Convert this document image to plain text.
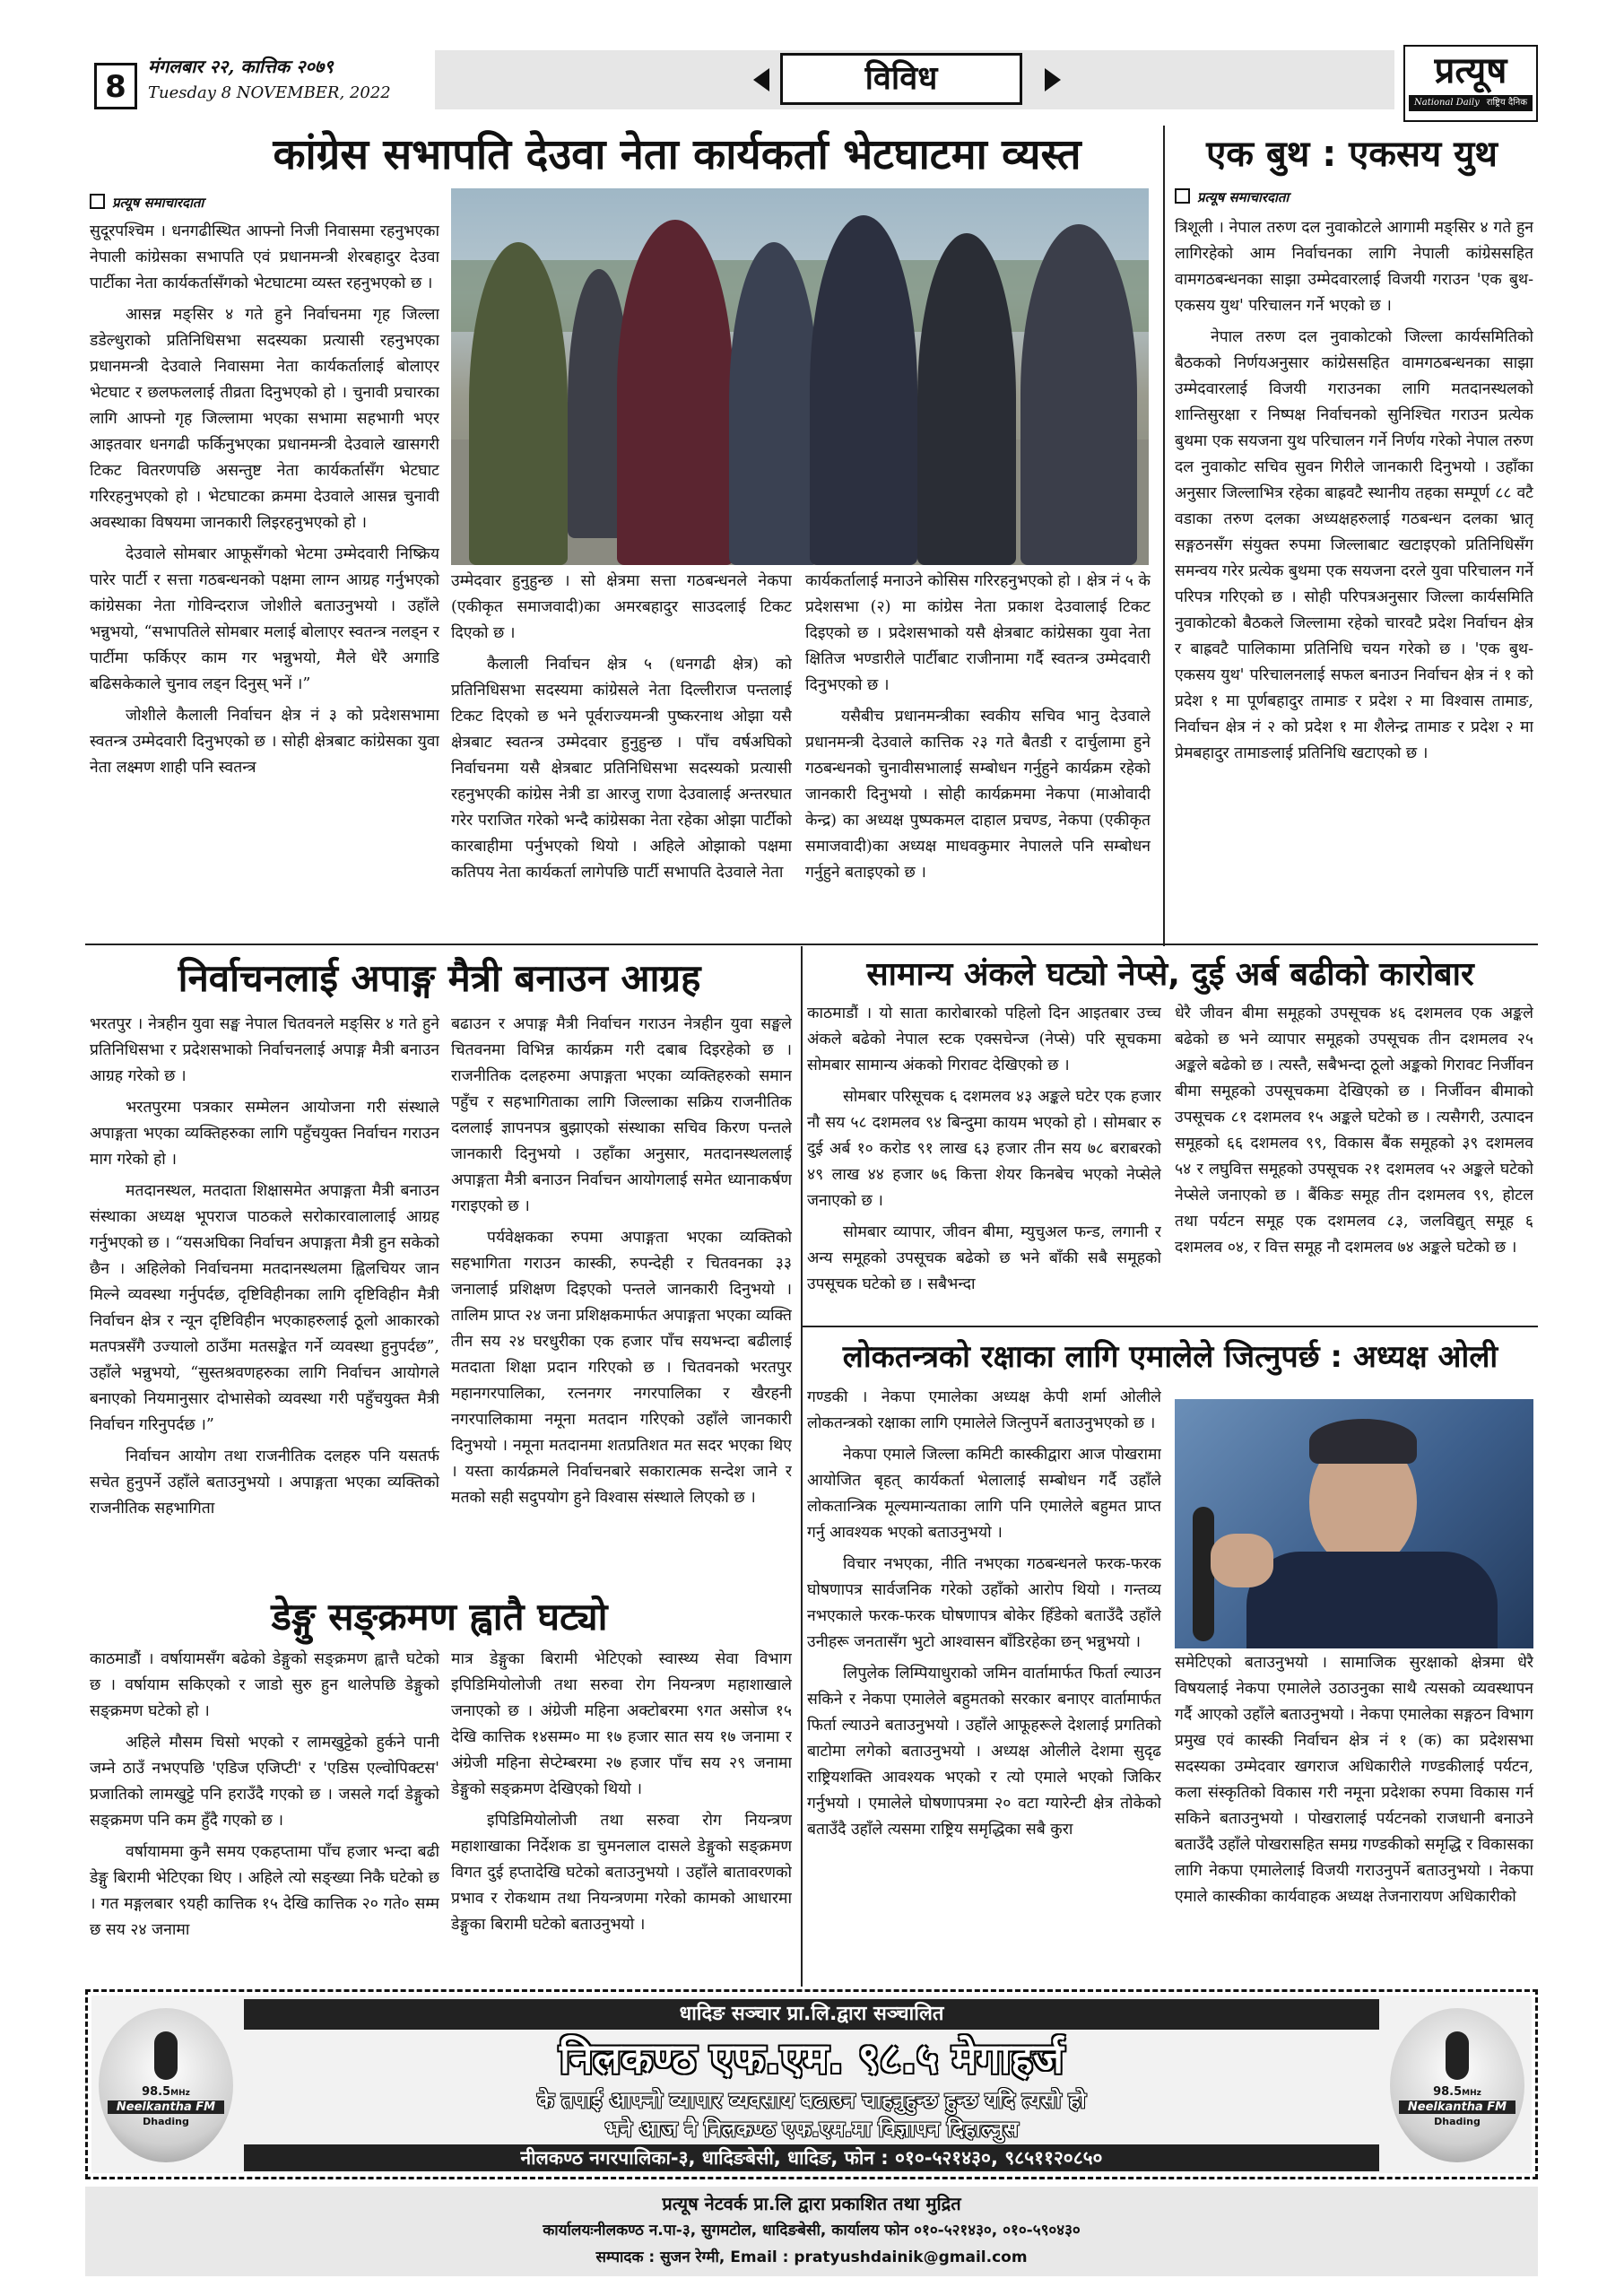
8
मंगलबार २२, कात्तिक २०७९
Tuesday 8 NOVEMBER, 2022	विविध	प्रत्यूष
National Daily राष्ट्रिय दैनिक
कांग्रेस सभापति देउवा नेता कार्यकर्ता भेटघाटमा व्यस्त
प्रत्यूष समाचारदाता

सुदूरपश्चिम । धनगढीस्थित आफ्नो निजी निवासमा रहनुभएका नेपाली कांग्रेसका सभापति एवं प्रधानमन्त्री शेरबहादुर देउवा पार्टीका नेता कार्यकर्तासँगको भेटघाटमा व्यस्त रहनुभएको छ ।

आसन्न मङ्सिर ४ गते हुने निर्वाचनमा गृह जिल्ला डडेल्धुराको प्रतिनिधिसभा सदस्यका प्रत्यासी रहनुभएका प्रधानमन्त्री देउवाले निवासमा नेता कार्यकर्तालाई बोलाएर भेटघाट र छलफललाई तीव्रता दिनुभएको हो । चुनावी प्रचारका लागि आफ्नो गृह जिल्लामा भएका सभामा सहभागी भएर आइतवार धनगढी फर्किनुभएका प्रधानमन्त्री देउवाले खासगरी टिकट वितरणपछि असन्तुष्ट नेता कार्यकर्तासँग भेटघाट गरिरहनुभएको हो । भेटघाटका क्रममा देउवाले आसन्न चुनावी अवस्थाका विषयमा जानकारी लिइरहनुभएको हो ।

देउवाले सोमबार आफूसँगको भेटमा उम्मेदवारी निष्क्रिय पारेर पार्टी र सत्ता गठबन्धनको पक्षमा लाग्न आग्रह गर्नुभएको कांग्रेसका नेता गोविन्दराज जोशीले बताउनुभयो । उहाँले भन्नुभयो, “सभापतिले सोमबार मलाई बोलाएर स्वतन्त्र नलड्न र पार्टीमा फर्किएर काम गर भन्नुभयो, मैले धेरै अगाडि बढिसकेकाले चुनाव लड्न दिनुस् भनें ।”

जोशीले कैलाली निर्वाचन क्षेत्र नं ३ को प्रदेशसभामा स्वतन्त्र उम्मेदवारी दिनुभएको छ । सोही क्षेत्रबाट कांग्रेसका युवा नेता लक्ष्मण शाही पनि स्वतन्त्र

उम्मेदवार हुनुहुन्छ । सो क्षेत्रमा सत्ता गठबन्धनले नेकपा (एकीकृत समाजवादी)का अमरबहादुर साउदलाई टिकट दिएको छ ।

कैलाली निर्वाचन क्षेत्र ५ (धनगढी क्षेत्र) को प्रतिनिधिसभा सदस्यमा कांग्रेसले नेता दिल्लीराज पन्तलाई टिकट दिएको छ भने पूर्वराज्यमन्त्री पुष्करनाथ ओझा यसै क्षेत्रबाट स्वतन्त्र उम्मेदवार हुनुहुन्छ । पाँच वर्षअघिको निर्वाचनमा यसै क्षेत्रबाट प्रतिनिधिसभा सदस्यको प्रत्यासी रहनुभएकी कांग्रेस नेत्री डा आरजु राणा देउवालाई अन्तरघात गरेर पराजित गरेको भन्दै कांग्रेसका नेता रहेका ओझा पार्टीको कारबाहीमा पर्नुभएको थियो । अहिले ओझाको पक्षमा कतिपय नेता कार्यकर्ता लागेपछि पार्टी सभापति देउवाले नेता

कार्यकर्तालाई मनाउने कोसिस गरिरहनुभएको हो । क्षेत्र नं ५ के प्रदेशसभा (२) मा कांग्रेस नेता प्रकाश देउवालाई टिकट दिइएको छ । प्रदेशसभाको यसै क्षेत्रबाट कांग्रेसका युवा नेता क्षितिज भण्डारीले पार्टीबाट राजीनामा गर्दै स्वतन्त्र उम्मेदवारी दिनुभएको छ ।

यसैबीच प्रधानमन्त्रीका स्वकीय सचिव भानु देउवाले प्रधानमन्त्री देउवाले कात्तिक २३ गते बैतडी र दार्चुलामा हुने गठबन्धनको चुनावीसभालाई सम्बोधन गर्नुहुने कार्यक्रम रहेको जानकारी दिनुभयो । सोही कार्यक्रममा नेकपा (माओवादी केन्द्र) का अध्यक्ष पुष्पकमल दाहाल प्रचण्ड, नेकपा (एकीकृत समाजवादी)का अध्यक्ष माधवकुमार नेपालले पनि सम्बोधन गर्नुहुने बताइएको छ ।

एक बुथ : एकसय युथ
प्रत्यूष समाचारदाता

त्रिशूली । नेपाल तरुण दल नुवाकोटले आगामी मङ्सिर ४ गते हुन लागिरहेको आम निर्वाचनका लागि नेपाली कांग्रेससहित वामगठबन्धनका साझा उम्मेदवारलाई विजयी गराउन 'एक बुथ-एकसय युथ' परिचालन गर्ने भएको छ ।

नेपाल तरुण दल नुवाकोटको जिल्ला कार्यसमितिको बैठकको निर्णयअनुसार कांग्रेससहित वामगठबन्धनका साझा उम्मेदवारलाई विजयी गराउनका लागि मतदानस्थलको शान्तिसुरक्षा र निष्पक्ष निर्वाचनको सुनिश्चित गराउन प्रत्येक बुथमा एक सयजना युथ परिचालन गर्ने निर्णय गरेको नेपाल तरुण दल नुवाकोट सचिव सुवन गिरीले जानकारी दिनुभयो । उहाँका अनुसार जिल्लाभित्र रहेका बाह्रवटै स्थानीय तहका सम्पूर्ण ८८ वटै वडाका तरुण दलका अध्यक्षहरुलाई गठबन्धन दलका भ्रातृ सङ्गठनसँग संयुक्त रुपमा जिल्लाबाट खटाइएको प्रतिनिधिसँग समन्वय गरेर प्रत्येक बुथमा एक सयजना दरले युवा परिचालन गर्ने परिपत्र गरिएको छ । सोही परिपत्रअनुसार जिल्ला कार्यसमिति नुवाकोटको बैठकले जिल्लामा रहेको चारवटै प्रदेश निर्वाचन क्षेत्र र बाह्रवटै पालिकामा प्रतिनिधि चयन गरेको छ । 'एक बुथ-एकसय युथ' परिचालनलाई सफल बनाउन निर्वाचन क्षेत्र नं १ को प्रदेश १ मा पूर्णबहादुर तामाङ र प्रदेश २ मा विश्वास तामाङ, निर्वाचन क्षेत्र नं २ को प्रदेश १ मा शैलेन्द्र तामाङ र प्रदेश २ मा प्रेमबहादुर तामाङलाई प्रतिनिधि खटाएको छ ।

निर्वाचनलाई अपाङ्ग मैत्री बनाउन आग्रह

भरतपुर । नेत्रहीन युवा सङ्घ नेपाल चितवनले मङ्सिर ४ गते हुने प्रतिनिधिसभा र प्रदेशसभाको निर्वाचनलाई अपाङ्ग मैत्री बनाउन आग्रह गरेको छ ।

भरतपुरमा पत्रकार सम्मेलन आयोजना गरी संस्थाले अपाङ्गता भएका व्यक्तिहरुका लागि पहुँचयुक्त निर्वाचन गराउन माग गरेको हो ।

मतदानस्थल, मतदाता शिक्षासमेत अपाङ्गता मैत्री बनाउन संस्थाका अध्यक्ष भूपराज पाठकले सरोकारवालालाई आग्रह गर्नुभएको छ । “यसअघिका निर्वाचन अपाङ्गता मैत्री हुन सकेको छैन । अहिलेको निर्वाचनमा मतदानस्थलमा ह्विलचियर जान मिल्ने व्यवस्था गर्नुपर्दछ, दृष्टिविहीनका लागि दृष्टिविहीन मैत्री निर्वाचन क्षेत्र र न्यून दृष्टिविहीन भएकाहरुलाई ठूलो आकारको मतपत्रसँगै उज्यालो ठाउँमा मतसङ्केत गर्ने व्यवस्था हुनुपर्दछ”, उहाँले भन्नुभयो, “सुस्तश्रवणहरुका लागि निर्वाचन आयोगले बनाएको नियमानुसार दोभासेको व्यवस्था गरी पहुँचयुक्त मैत्री निर्वाचन गरिनुपर्दछ ।”

निर्वाचन आयोग तथा राजनीतिक दलहरु पनि यसतर्फ सचेत हुनुपर्ने उहाँले बताउनुभयो । अपाङ्गता भएका व्यक्तिको राजनीतिक सहभागिता

बढाउन र अपाङ्ग मैत्री निर्वाचन गराउन नेत्रहीन युवा सङ्घले चितवनमा विभिन्न कार्यक्रम गरी दबाब दिइरहेको छ । राजनीतिक दलहरुमा अपाङ्गता भएका व्यक्तिहरुको समान पहुँच र सहभागिताका लागि जिल्लाका सक्रिय राजनीतिक दललाई ज्ञापनपत्र बुझाएको संस्थाका सचिव किरण पन्तले जानकारी दिनुभयो । उहाँका अनुसार, मतदानस्थललाई अपाङ्गता मैत्री बनाउन निर्वाचन आयोगलाई समेत ध्यानाकर्षण गराइएको छ ।

पर्यवेक्षकका रुपमा अपाङ्गता भएका व्यक्तिको सहभागिता गराउन कास्की, रुपन्देही र चितवनका ३३ जनालाई प्रशिक्षण दिइएको पन्तले जानकारी दिनुभयो । तालिम प्राप्त २४ जना प्रशिक्षकमार्फत अपाङ्गता भएका व्यक्ति तीन सय २४ घरधुरीका एक हजार पाँच सयभन्दा बढीलाई मतदाता शिक्षा प्रदान गरिएको छ । चितवनको भरतपुर महानगरपालिका, रत्ननगर नगरपालिका र खैरहनी नगरपालिकामा नमूना मतदान गरिएको उहाँले जानकारी दिनुभयो । नमूना मतदानमा शतप्रतिशत मत सदर भएका थिए । यस्ता कार्यक्रमले निर्वाचनबारे सकारात्मक सन्देश जाने र मतको सही सदुपयोग हुने विश्वास संस्थाले लिएको छ ।

डेङ्गु सङ्क्रमण ह्वातै घट्यो

काठमाडौं । वर्षायामसँग बढेको डेङ्गुको सङ्क्रमण ह्वात्तै घटेको छ । वर्षायाम सकिएको र जाडो सुरु हुन थालेपछि डेङ्गुको सङ्क्रमण घटेको हो ।

अहिले मौसम चिसो भएको र लामखुट्टेको हुर्कने पानी जम्ने ठाउँ नभएपछि 'एडिज एजिप्टी' र 'एडिस एल्वोपिक्टस' प्रजातिको लामखुट्टे पनि हराउँदै गएको छ । जसले गर्दा डेङ्गुको सङ्क्रमण पनि कम हुँदै गएको छ ।

वर्षायाममा कुनै समय एकहप्तामा पाँच हजार भन्दा बढी डेङ्गु बिरामी भेटिएका थिए । अहिले त्यो सङ्ख्या निकै घटेको छ । गत मङ्गलबार ९यही कात्तिक १५ देखि कात्तिक २० गते० सम्म छ सय २४ जनामा

मात्र डेङ्गुका बिरामी भेटिएको स्वास्थ्य सेवा विभाग इपिडिमियोलोजी तथा सरुवा रोग नियन्त्रण महाशाखाले जनाएको छ । अंग्रेजी महिना अक्टोबरमा ९गत असोज १५ देखि कात्तिक १४सम्म० मा १७ हजार सात सय १७ जनामा र अंग्रेजी महिना सेप्टेम्बरमा २७ हजार पाँच सय २९ जनामा डेङ्गुको सङ्क्रमण देखिएको थियो ।

इपिडिमियोलोजी तथा सरुवा रोग नियन्त्रण महाशाखाका निर्देशक डा चुमनलाल दासले डेङ्गुको सङ्क्रमण विगत दुई हप्तादेखि घटेको बताउनुभयो । उहाँले बातावरणको प्रभाव र रोकथाम तथा नियन्त्रणमा गरेको कामको आधारमा डेङ्गुका बिरामी घटेको बताउनुभयो ।

सामान्य अंकले घट्यो नेप्से, दुई अर्ब बढीको कारोबार

काठमाडौं । यो साता कारोबारको पहिलो दिन आइतबार उच्च अंकले बढेको नेपाल स्टक एक्सचेन्ज (नेप्से) परि सूचकमा सोमबार सामान्य अंकको गिरावट देखिएको छ ।

सोमबार परिसूचक ६ दशमलव ४३ अङ्कले घटेर एक हजार नौ सय ५८ दशमलव ९४ बिन्दुमा कायम भएको हो । सोमबार रु दुई अर्ब १० करोड ९१ लाख ६३ हजार तीन सय ७८ बराबरको ४९ लाख ४४ हजार ७६ कित्ता शेयर किनबेच भएको नेप्सेले जनाएको छ ।

सोमबार व्यापार, जीवन बीमा, म्युचुअल फन्ड, लगानी र अन्य समूहको उपसूचक बढेको छ भने बाँकी सबै समूहको उपसूचक घटेको छ । सबैभन्दा

धेरै जीवन बीमा समूहको उपसूचक ४६ दशमलव एक अङ्कले बढेको छ भने व्यापार समूहको उपसूचक तीन दशमलव २५ अङ्कले बढेको छ । त्यस्तै, सबैभन्दा ठूलो अङ्कको गिरावट निर्जीवन बीमा समूहको उपसूचकमा देखिएको छ । निर्जीवन बीमाको उपसूचक ८१ दशमलव १५ अङ्कले घटेको छ । त्यसैगरी, उत्पादन समूहको ६६ दशमलव ९९, विकास बैंक समूहको ३९ दशमलव ५४ र लघुवित्त समूहको उपसूचक २१ दशमलव ५२ अङ्कले घटेको नेप्सेले जनाएको छ । बैंकिङ समूह तीन दशमलव ९९, होटल तथा पर्यटन समूह एक दशमलव ८३, जलविद्युत् समूह ६ दशमलव ०४, र वित्त समूह नौ दशमलव ७४ अङ्कले घटेको छ ।

लोकतन्त्रको रक्षाका लागि एमालेले जित्नुपर्छ : अध्यक्ष ओली

गण्डकी । नेकपा एमालेका अध्यक्ष केपी शर्मा ओलीले लोकतन्त्रको रक्षाका लागि एमालेले जित्नुपर्ने बताउनुभएको छ ।

नेकपा एमाले जिल्ला कमिटी कास्कीद्वारा आज पोखरामा आयोजित बृहत् कार्यकर्ता भेलालाई सम्बोधन गर्दै उहाँले लोकतान्त्रिक मूल्यमान्यताका लागि पनि एमालेले बहुमत प्राप्त गर्नु आवश्यक भएको बताउनुभयो ।

विचार नभएका, नीति नभएका गठबन्धनले फरक-फरक घोषणापत्र सार्वजनिक गरेको उहाँको आरोप थियो । गन्तव्य नभएकाले फरक-फरक घोषणापत्र बोकेर हिँडेको बताउँदै उहाँले उनीहरू जनतासँग भुटो आश्वासन बाँडिरहेका छन् भन्नुभयो ।

लिपुलेक लिम्पियाधुराको जमिन वार्तामार्फत फिर्ता ल्याउन सकिने र नेकपा एमालेले बहुमतको सरकार बनाएर वार्तामार्फत फिर्ता ल्याउने बताउनुभयो । उहाँले आफूहरूले देशलाई प्रगतिको बाटोमा लगेको बताउनुभयो । अध्यक्ष ओलीले देशमा सुदृढ राष्ट्रियशक्ति आवश्यक भएको र त्यो एमाले भएको जिकिर गर्नुभयो । एमालेले घोषणापत्रमा २० वटा ग्यारेन्टी क्षेत्र तोकेको बताउँदै उहाँले त्यसमा राष्ट्रिय समृद्धिका सबै कुरा

समेटिएको बताउनुभयो । सामाजिक सुरक्षाको क्षेत्रमा धेरै विषयलाई नेकपा एमालेले उठाउनुका साथै त्यसको व्यवस्थापन गर्दै आएको उहाँले बताउनुभयो । नेकपा एमालेका सङ्गठन विभाग प्रमुख एवं कास्की निर्वाचन क्षेत्र नं १ (क) का प्रदेशसभा सदस्यका उम्मेदवार खगराज अधिकारीले गण्डकीलाई पर्यटन, कला संस्कृतिको विकास गरी नमूना प्रदेशका रुपमा विकास गर्न सकिने बताउनुभयो । पोखरालाई पर्यटनको राजधानी बनाउने बताउँदै उहाँले पोखरासहित समग्र गण्डकीको समृद्धि र विकासका लागि नेकपा एमालेलाई विजयी गराउनुपर्ने बताउनुभयो । नेकपा एमाले कास्कीका कार्यवाहक अध्यक्ष तेजनारायण अधिकारीको

धादिङ सञ्चार प्रा.लि.द्वारा सञ्चालित
निलकण्ठ एफ.एम. ९८.५ मेगाहर्ज
के तपाई आफ्नो व्यापार व्यवसाय बढाउन चाहनुहुन्छ हुन्छ यदि त्यसो हो
भने आज नै निलकण्ठ एफ.एम.मा विज्ञापन दिहाल्नुस
नीलकण्ठ नगरपालिका-३, धादिङबेसी, धादिङ, फोन : ०१०-५२१४३०, ९८५११२०८५०
98.5MHz
Neelkantha FM
Dhading
98.5MHz
Neelkantha FM
Dhading
प्रत्यूष नेटवर्क प्रा.लि द्वारा प्रकाशित तथा मुद्रित
कार्यालयःनीलकण्ठ न.पा-३, सुगमटोल, धादिङबेसी, कार्यालय फोन ०१०-५२१४३०, ०१०-५९०४३०
सम्पादक : सुजन रेग्मी, Email : pratyushdainik@gmail.com
